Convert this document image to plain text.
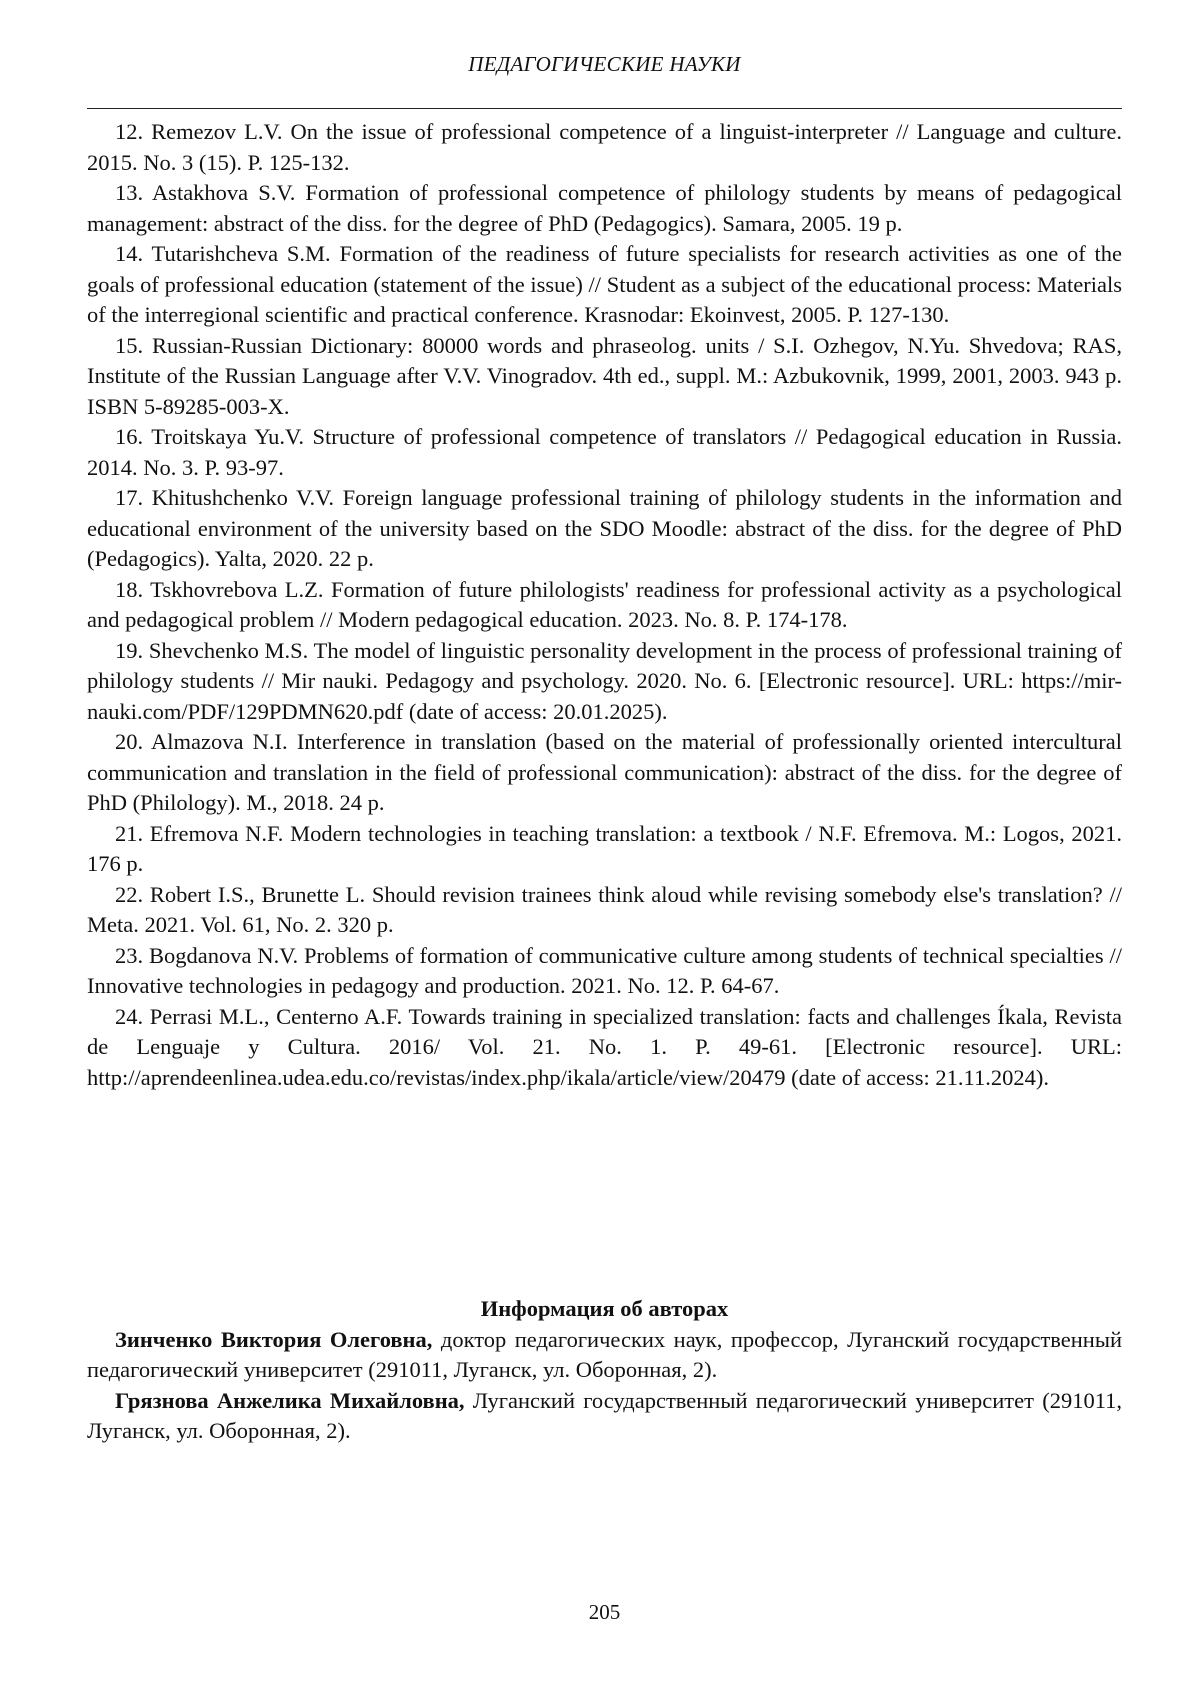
ПЕДАГОГИЧЕСКИЕ НАУКИ

12. Remezov L.V. On the issue of professional competence of a linguist-interpreter // Language and culture. 2015. No. 3 (15). P. 125-132.

13. Astakhova S.V. Formation of professional competence of philology students by means of pedagogical management: abstract of the diss. for the degree of PhD (Pedagogics). Samara, 2005. 19 p.

14. Tutarishcheva S.M. Formation of the readiness of future specialists for research activities as one of the goals of professional education (statement of the issue) // Student as a subject of the educational process: Materials of the interregional scientific and practical conference. Krasnodar: Ekoinvest, 2005. P. 127-130.

15. Russian-Russian Dictionary: 80000 words and phraseolog. units / S.I. Ozhegov, N.Yu. Shvedova; RAS, Institute of the Russian Language after V.V. Vinogradov. 4th ed., suppl. M.: Azbukovnik, 1999, 2001, 2003. 943 p. ISBN 5-89285-003-X.

16. Troitskaya Yu.V. Structure of professional competence of translators // Pedagogical education in Russia. 2014. No. 3. P. 93-97.

17. Khitushchenko V.V. Foreign language professional training of philology students in the information and educational environment of the university based on the SDO Moodle: abstract of the diss. for the degree of PhD (Pedagogics). Yalta, 2020. 22 p.

18. Tskhovrebova L.Z. Formation of future philologists' readiness for professional activity as a psychological and pedagogical problem // Modern pedagogical education. 2023. No. 8. P. 174-178.

19. Shevchenko M.S. The model of linguistic personality development in the process of professional training of philology students // Mir nauki. Pedagogy and psychology. 2020. No. 6. [Electronic resource]. URL: https://mir-nauki.com/PDF/129PDMN620.pdf (date of access: 20.01.2025).

20. Almazova N.I. Interference in translation (based on the material of professionally oriented intercultural communication and translation in the field of professional communication): abstract of the diss. for the degree of PhD (Philology). M., 2018. 24 p.

21. Efremova N.F. Modern technologies in teaching translation: a textbook / N.F. Efremova. M.: Logos, 2021. 176 p.

22. Robert I.S., Brunette L. Should revision trainees think aloud while revising somebody else's translation? // Meta. 2021. Vol. 61, No. 2. 320 p.

23. Bogdanova N.V. Problems of formation of communicative culture among students of technical specialties // Innovative technologies in pedagogy and production. 2021. No. 12. P. 64-67.

24. Perrasi M.L., Centerno A.F. Towards training in specialized translation: facts and challenges Íkala, Revista de Lenguaje y Cultura. 2016/ Vol. 21. No. 1. P. 49-61. [Electronic resource]. URL: http://aprendeenlinea.udea.edu.co/revistas/index.php/ikala/article/view/20479 (date of access: 21.11.2024).

Информация об авторах

Зинченко Виктория Олеговна, доктор педагогических наук, профессор, Луганский государственный педагогический университет (291011, Луганск, ул. Оборонная, 2).

Грязнова Анжелика Михайловна, Луганский государственный педагогический университет (291011, Луганск, ул. Оборонная, 2).

205
